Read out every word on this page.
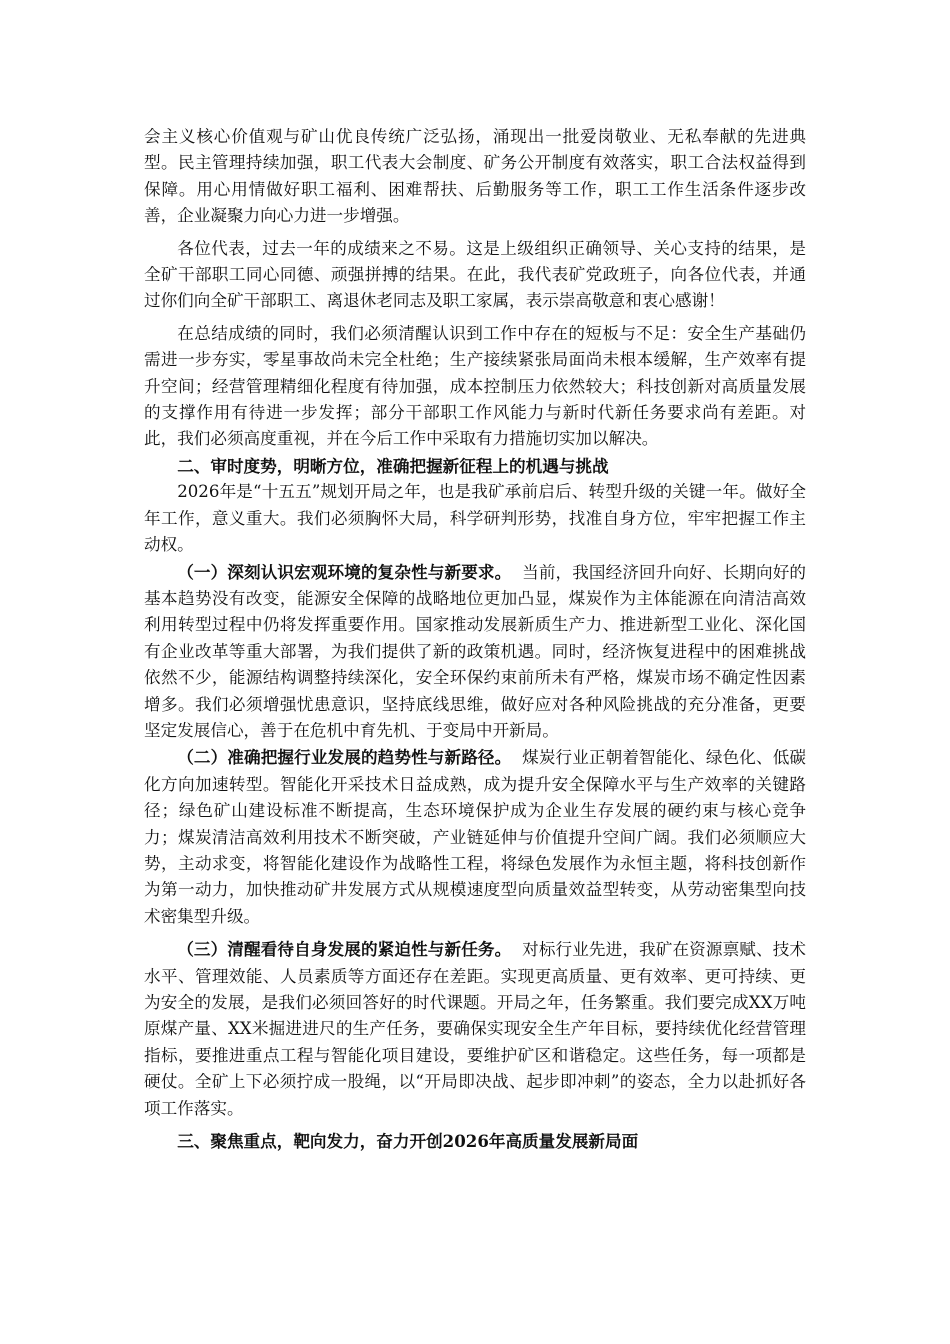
会主义核心价值观与矿山优良传统广泛弘扬，涌现出一批爱岗敬业、无私奉献的先进典型。民主管理持续加强，职工代表大会制度、矿务公开制度有效落实，职工合法权益得到保障。用心用情做好职工福利、困难帮扶、后勤服务等工作，职工工作生活条件逐步改善，企业凝聚力向心力进一步增强。

各位代表，过去一年的成绩来之不易。这是上级组织正确领导、关心支持的结果，是全矿干部职工同心同德、顽强拼搏的结果。在此，我代表矿党政班子，向各位代表，并通过你们向全矿干部职工、离退休老同志及职工家属，表示崇高敬意和衷心感谢！

在总结成绩的同时，我们必须清醒认识到工作中存在的短板与不足：安全生产基础仍需进一步夯实，零星事故尚未完全杜绝；生产接续紧张局面尚未根本缓解，生产效率有提升空间；经营管理精细化程度有待加强，成本控制压力依然较大；科技创新对高质量发展的支撑作用有待进一步发挥；部分干部职工作风能力与新时代新任务要求尚有差距。对此，我们必须高度重视，并在今后工作中采取有力措施切实加以解决。

二、审时度势，明晰方位，准确把握新征程上的机遇与挑战

2026年是“十五五”规划开局之年，也是我矿承前启后、转型升级的关键一年。做好全年工作，意义重大。我们必须胸怀大局，科学研判形势，找准自身方位，牢牢把握工作主动权。

（一）深刻认识宏观环境的复杂性与新要求。 当前，我国经济回升向好、长期向好的基本趋势没有改变，能源安全保障的战略地位更加凸显，煤炭作为主体能源在向清洁高效利用转型过程中仍将发挥重要作用。国家推动发展新质生产力、推进新型工业化、深化国有企业改革等重大部署，为我们提供了新的政策机遇。同时，经济恢复进程中的困难挑战依然不少，能源结构调整持续深化，安全环保约束前所未有严格，煤炭市场不确定性因素增多。我们必须增强忧患意识，坚持底线思维，做好应对各种风险挑战的充分准备，更要坚定发展信心，善于在危机中育先机、于变局中开新局。

（二）准确把握行业发展的趋势性与新路径。 煤炭行业正朝着智能化、绿色化、低碳化方向加速转型。智能化开采技术日益成熟，成为提升安全保障水平与生产效率的关键路径；绿色矿山建设标准不断提高，生态环境保护成为企业生存发展的硬约束与核心竞争力；煤炭清洁高效利用技术不断突破，产业链延伸与价值提升空间广阔。我们必须顺应大势，主动求变，将智能化建设作为战略性工程，将绿色发展作为永恒主题，将科技创新作为第一动力，加快推动矿井发展方式从规模速度型向质量效益型转变，从劳动密集型向技术密集型升级。

（三）清醒看待自身发展的紧迫性与新任务。 对标行业先进，我矿在资源禀赋、技术水平、管理效能、人员素质等方面还存在差距。实现更高质量、更有效率、更可持续、更为安全的发展，是我们必须回答好的时代课题。开局之年，任务繁重。我们要完成XX万吨原煤产量、XX米掘进进尺的生产任务，要确保实现安全生产年目标，要持续优化经营管理指标，要推进重点工程与智能化项目建设，要维护矿区和谐稳定。这些任务，每一项都是硬仗。全矿上下必须拧成一股绳，以“开局即决战、起步即冲刺”的姿态，全力以赴抓好各项工作落实。

三、聚焦重点，靶向发力，奋力开创2026年高质量发展新局面
